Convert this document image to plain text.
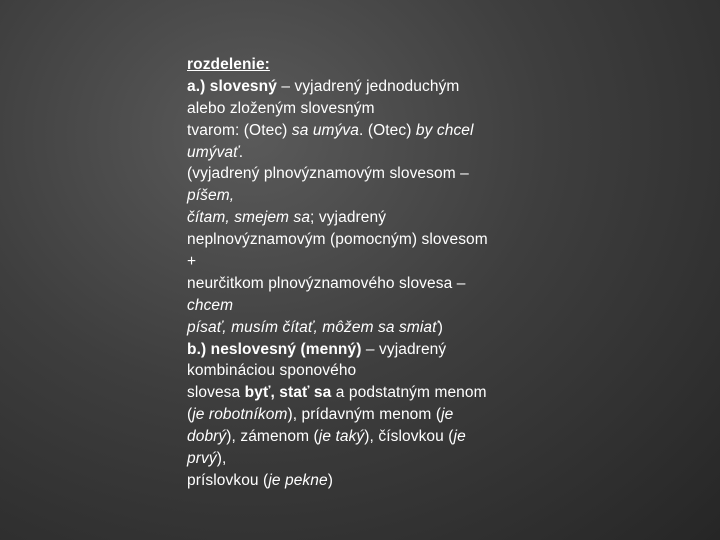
rozdelenie:
a.) slovesný – vyjadrený jednoduchým
alebo zloženým slovesným
tvarom: (Otec) sa umýva. (Otec) by chcel
umývať.
(vyjadrený plnovýznamovým slovesom –
píšem,
čítam, smejem sa; vyjadrený
neplnovýznamovým (pomocným) slovesom
+
neurčitkom plnovýznamového slovesa –
chcem
písať, musím čítať, môžem sa smiať)
b.) neslovesný (menný) – vyjadrený
kombináciou sponového
slovesa byť, stať sa a podstatným menom
(je robotníkom), prídavným menom (je
dobrý), zámenom (je taký), číslovkou (je
prvý),
príslovkou (je pekne)
